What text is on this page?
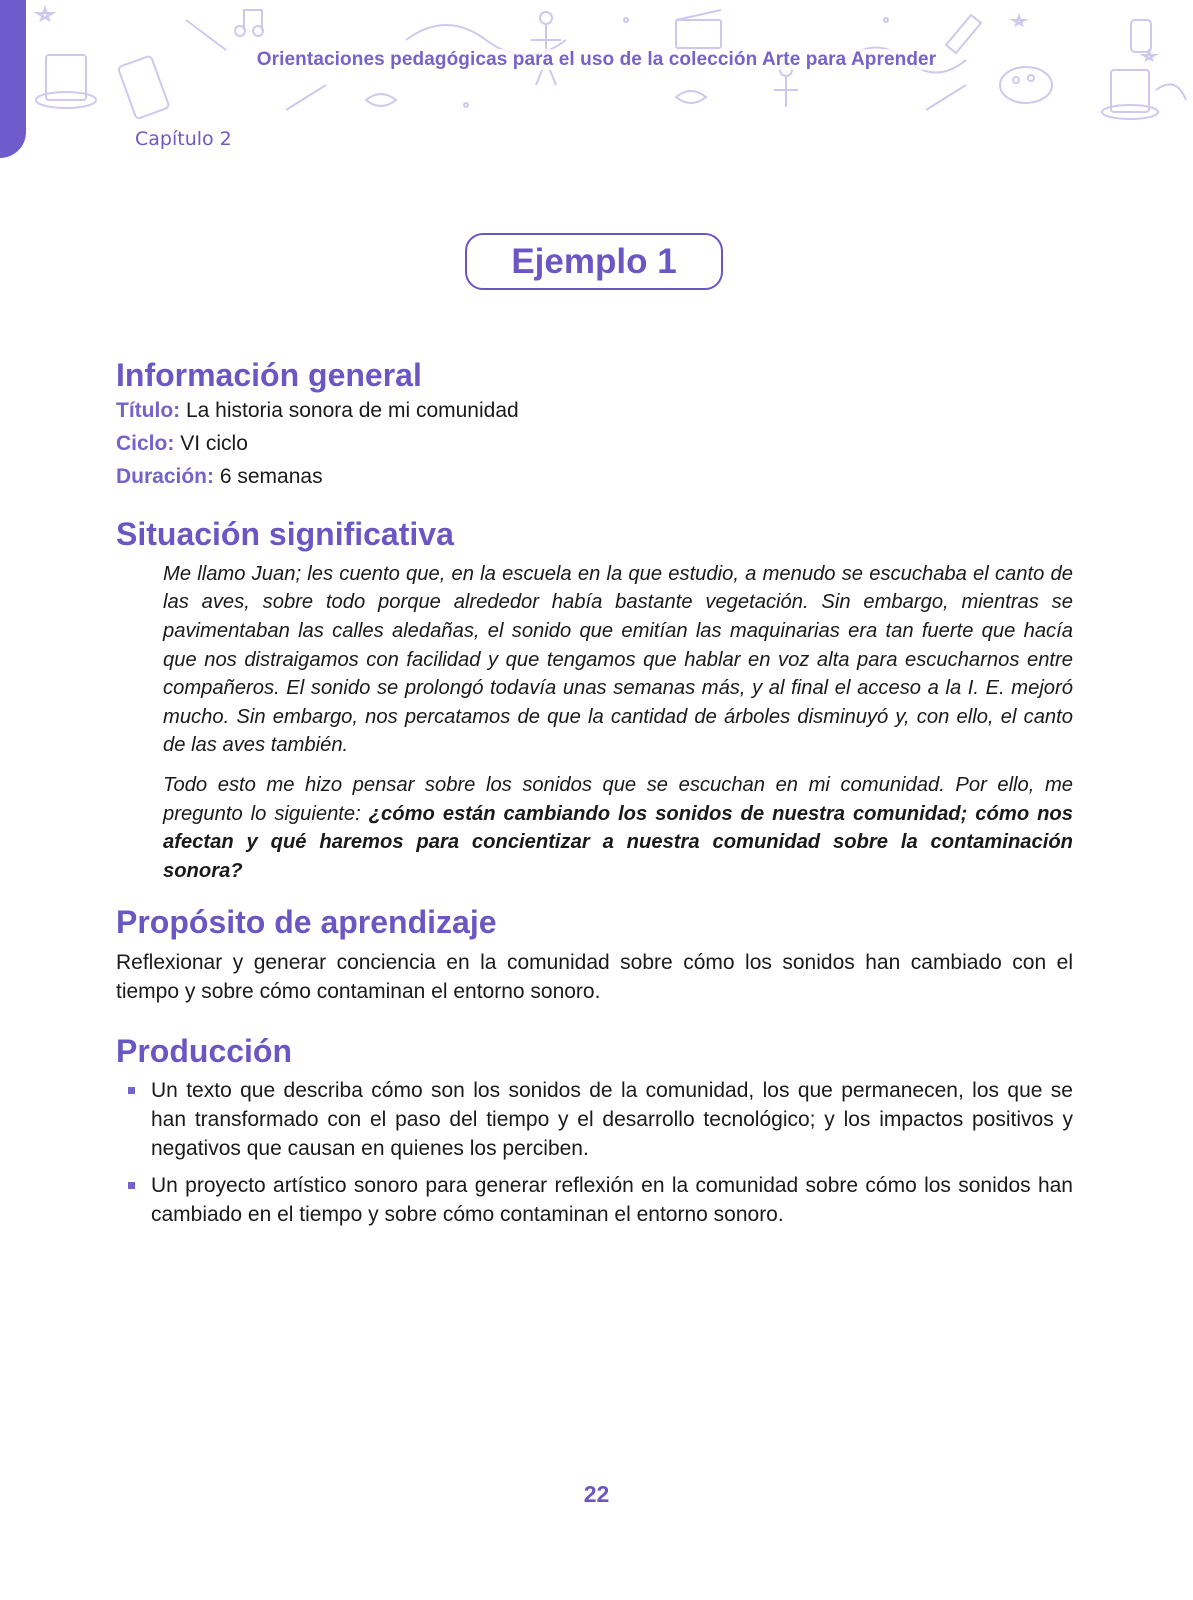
Orientaciones pedagógicas para el uso de la colección Arte para Aprender
Capítulo 2
Ejemplo 1
Información general

Título: La historia sonora de mi comunidad

Ciclo: VI ciclo

Duración: 6 semanas

Situación significativa

Me llamo Juan; les cuento que, en la escuela en la que estudio, a menudo se escuchaba el canto de las aves, sobre todo porque alrededor había bastante vegetación. Sin embargo, mientras se pavimentaban las calles aledañas, el sonido que emitían las maquinarias era tan fuerte que hacía que nos distraigamos con facilidad y que tengamos que hablar en voz alta para escucharnos entre compañeros. El sonido se prolongó todavía unas semanas más, y al final el acceso a la I. E. mejoró mucho. Sin embargo, nos percatamos de que la cantidad de árboles disminuyó y, con ello, el canto de las aves también.

Todo esto me hizo pensar sobre los sonidos que se escuchan en mi comunidad. Por ello, me pregunto lo siguiente: ¿cómo están cambiando los sonidos de nuestra comunidad; cómo nos afectan y qué haremos para concientizar a nuestra comunidad sobre la contaminación sonora?

Propósito de aprendizaje

Reflexionar y generar conciencia en la comunidad sobre cómo los sonidos han cambiado con el tiempo y sobre cómo contaminan el entorno sonoro.

Producción
Un texto que describa cómo son los sonidos de la comunidad, los que permanecen, los que se han transformado con el paso del tiempo y el desarrollo tecnológico; y los impactos positivos y negativos que causan en quienes los perciben.
Un proyecto artístico sonoro para generar reflexión en la comunidad sobre cómo los sonidos han cambiado en el tiempo y sobre cómo contaminan el entorno sonoro.
22
